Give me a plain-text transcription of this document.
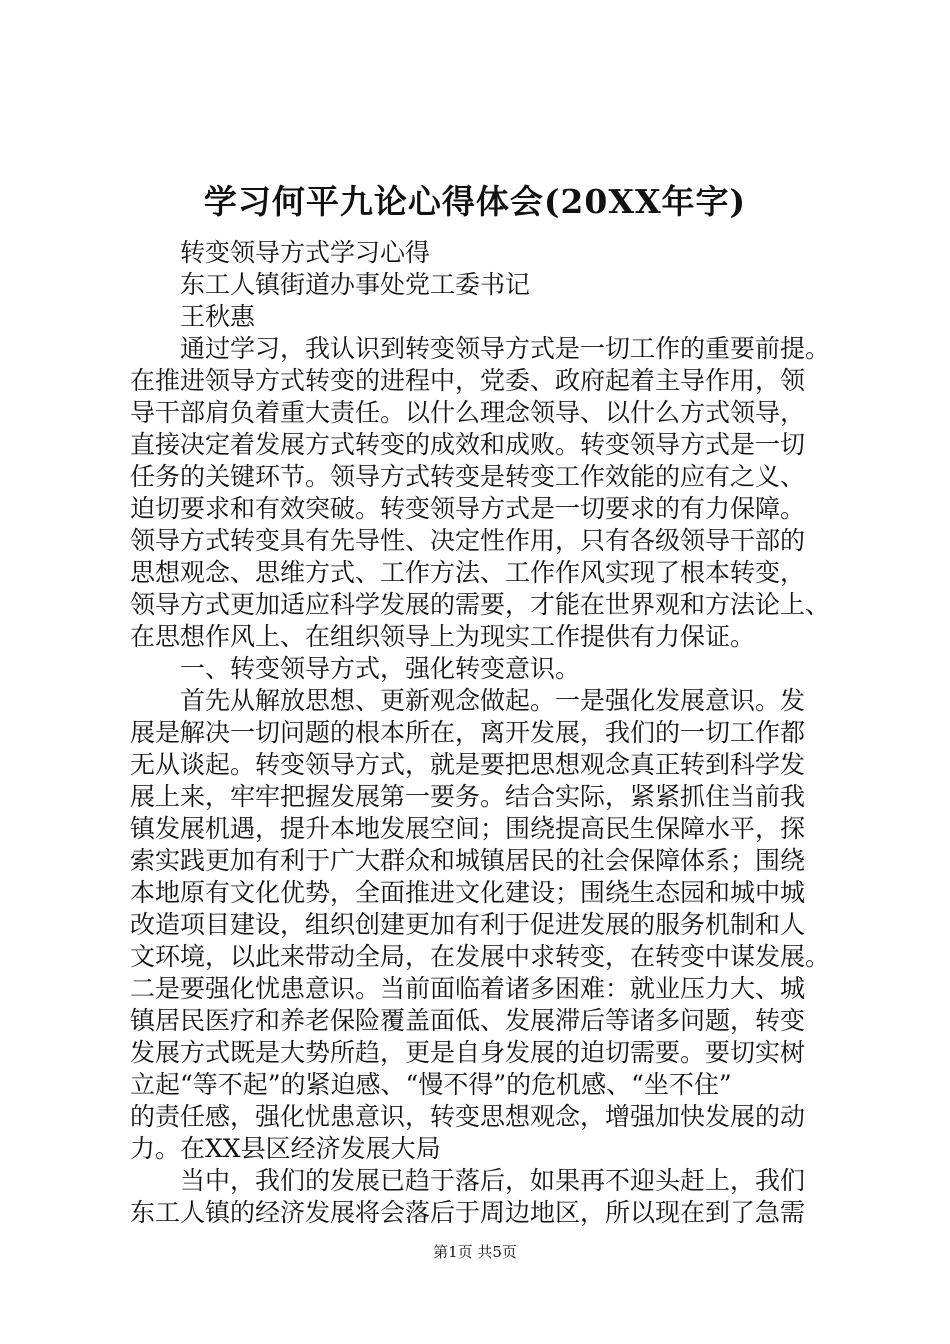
学习何平九论心得体会(20XX年字)

转变领导方式学习心得

东工人镇街道办事处党工委书记

王秋惠

通过学习，我认识到转变领导方式是一切工作的重要前提。

在推进领导方式转变的进程中，党委、政府起着主导作用，领

导干部肩负着重大责任。以什么理念领导、以什么方式领导，

直接决定着发展方式转变的成效和成败。转变领导方式是一切

任务的关键环节。领导方式转变是转变工作效能的应有之义、

迫切要求和有效突破。转变领导方式是一切要求的有力保障。

领导方式转变具有先导性、决定性作用，只有各级领导干部的

思想观念、思维方式、工作方法、工作作风实现了根本转变，

领导方式更加适应科学发展的需要，才能在世界观和方法论上、

在思想作风上、在组织领导上为现实工作提供有力保证。

一、转变领导方式，强化转变意识。

首先从解放思想、更新观念做起。一是强化发展意识。发

展是解决一切问题的根本所在，离开发展，我们的一切工作都

无从谈起。转变领导方式，就是要把思想观念真正转到科学发

展上来，牢牢把握发展第一要务。结合实际，紧紧抓住当前我

镇发展机遇，提升本地发展空间；围绕提高民生保障水平，探

索实践更加有利于广大群众和城镇居民的社会保障体系；围绕

本地原有文化优势，全面推进文化建设；围绕生态园和城中城

改造项目建设，组织创建更加有利于促进发展的服务机制和人

文环境，以此来带动全局，在发展中求转变，在转变中谋发展。

二是要强化忧患意识。当前面临着诸多困难：就业压力大、城

镇居民医疗和养老保险覆盖面低、发展滞后等诸多问题，转变

发展方式既是大势所趋，更是自身发展的迫切需要。要切实树

立起“等不起”的紧迫感、“慢不得”的危机感、“坐不住”

的责任感，强化忧患意识，转变思想观念，增强加快发展的动

力。在XX县区经济发展大局

当中，我们的发展已趋于落后，如果再不迎头赶上，我们

东工人镇的经济发展将会落后于周边地区，所以现在到了急需

第1页 共5页
